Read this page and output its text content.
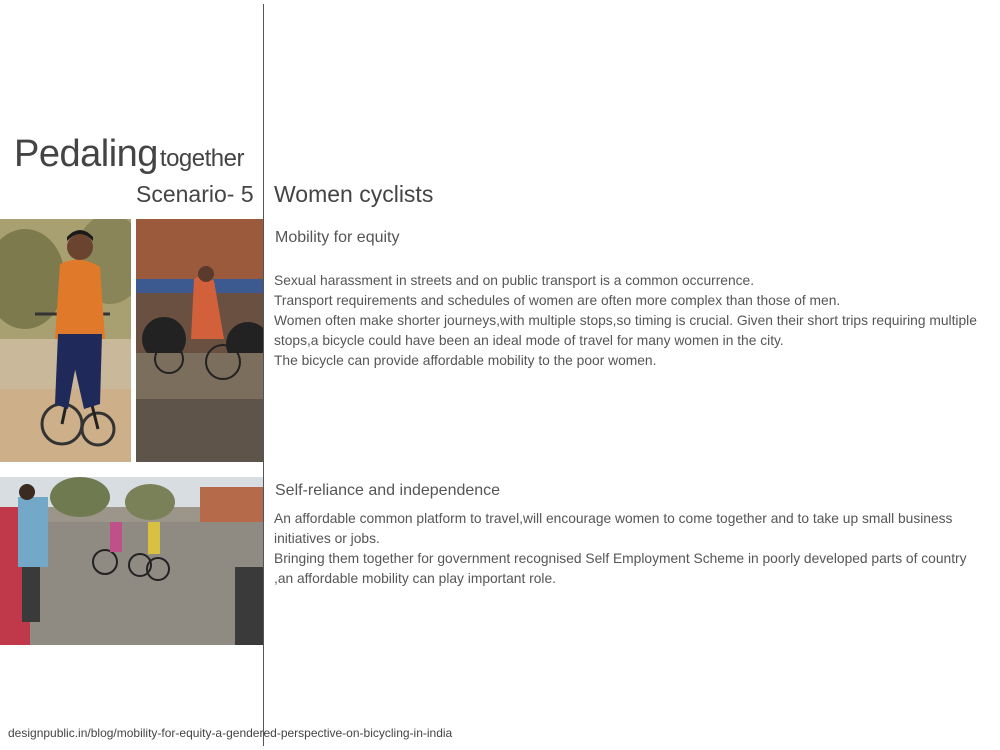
Pedalingtogether
Scenario- 5 Women cyclists
Mobility for equity

Sexual harassment in streets and on public transport is a common occurrence.

Transport requirements and schedules of women are often more complex than those of men.

Women often make shorter journeys,with multiple stops,so timing is crucial. Given their short trips requiring multiple stops,a bicycle could have been an ideal mode of travel for many women in the city.

The bicycle can provide affordable mobility to the poor women.

Self-reliance and independence

An affordable common platform to travel,will encourage women to come together and to take up small business initiatives or jobs.

Bringing them together for government recognised Self Employment Scheme in poorly developed parts of country ,an affordable mobility can play important role.

designpublic.in/blog/mobility-for-equity-a-gendered-perspective-on-bicycling-in-india
